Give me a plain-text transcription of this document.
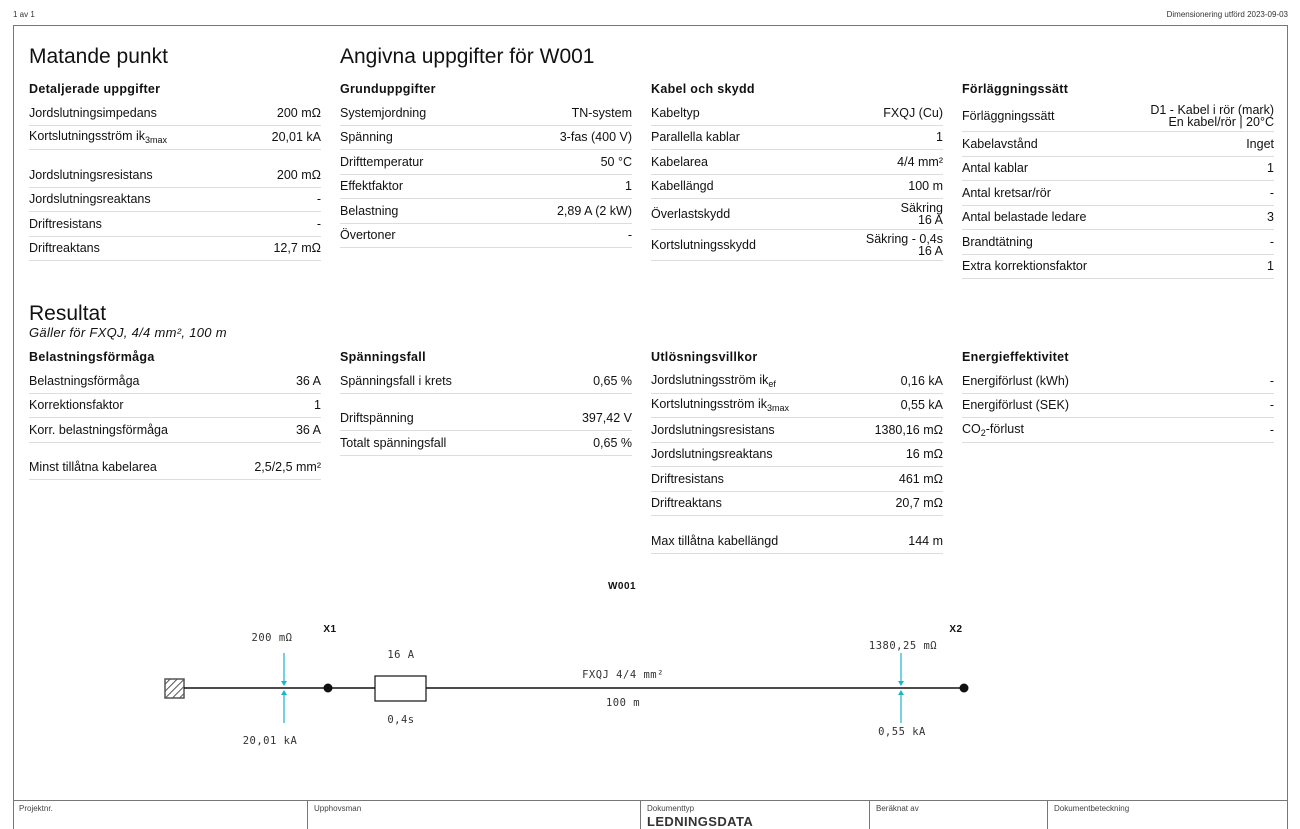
1 av 1	Dimensionering utförd 2023-09-03
Matande punkt	Angivna uppgifter för W001
Resultat
Gäller för FXQJ, 4/4 mm², 100 m
Detaljerade uppgifter
Jordslutningsimpedans	200 mΩ
Kortslutningsström $ik_{3max}$	20,01 kA
Jordslutningsresistans	200 mΩ
Jordslutningsreaktans	-
Driftresistans	-
Driftreaktans	12,7 mΩ
Grunduppgifter
Systemjordning	TN-system
Spänning	3-fas (400 V)
Drifttemperatur	50 °C
Effektfaktor	1
Belastning	2,89 A (2 kW)
Övertoner	-
Kabel och skydd
Kabeltyp	FXQJ (Cu)
Parallella kablar	1
Kabelarea	4/4 mm²
Kabellängd	100 m
Överlastskydd	Säkring
16 A
Kortslutningsskydd	Säkring - 0,4s
16 A
Förläggningssätt
Förläggningssätt	D1 - Kabel i rör (mark)
En kabel/rör | 20°C
Kabelavstånd	Inget
Antal kablar	1
Antal kretsar/rör	-
Antal belastade ledare	3
Brandtätning	-
Extra korrektionsfaktor	1
Belastningsförmåga
Belastningsförmåga	36 A
Korrektionsfaktor	1
Korr. belastningsförmåga	36 A
Minst tillåtna kabelarea	2,5/2,5 mm²
Spänningsfall
Spänningsfall i krets	0,65 %
Driftspänning	397,42 V
Totalt spänningsfall	0,65 %
Utlösningsvillkor
Jordslutningsström $ik_{ef}$	0,16 kA
Kortslutningsström $ik_{3max}$	0,55 kA
Jordslutningsresistans	1380,16 mΩ
Jordslutningsreaktans	16 mΩ
Driftresistans	461 mΩ
Driftreaktans	20,7 mΩ
Max tillåtna kabellängd	144 m
Energieffektivitet
Energiförlust (kWh)	-
Energiförlust (SEK)	-
$CO_2$-förlust	-
W001
X1	X2
200 mΩ
20,01 kA
16 A
0,4s
FXQJ 4/4 mm²
100 m
1380,25 mΩ
0,55 kA
Projektnr.	Upphovsman	Dokumenttyp
LEDNINGSDATA
Beräknat av	Dokumentbeteckning
